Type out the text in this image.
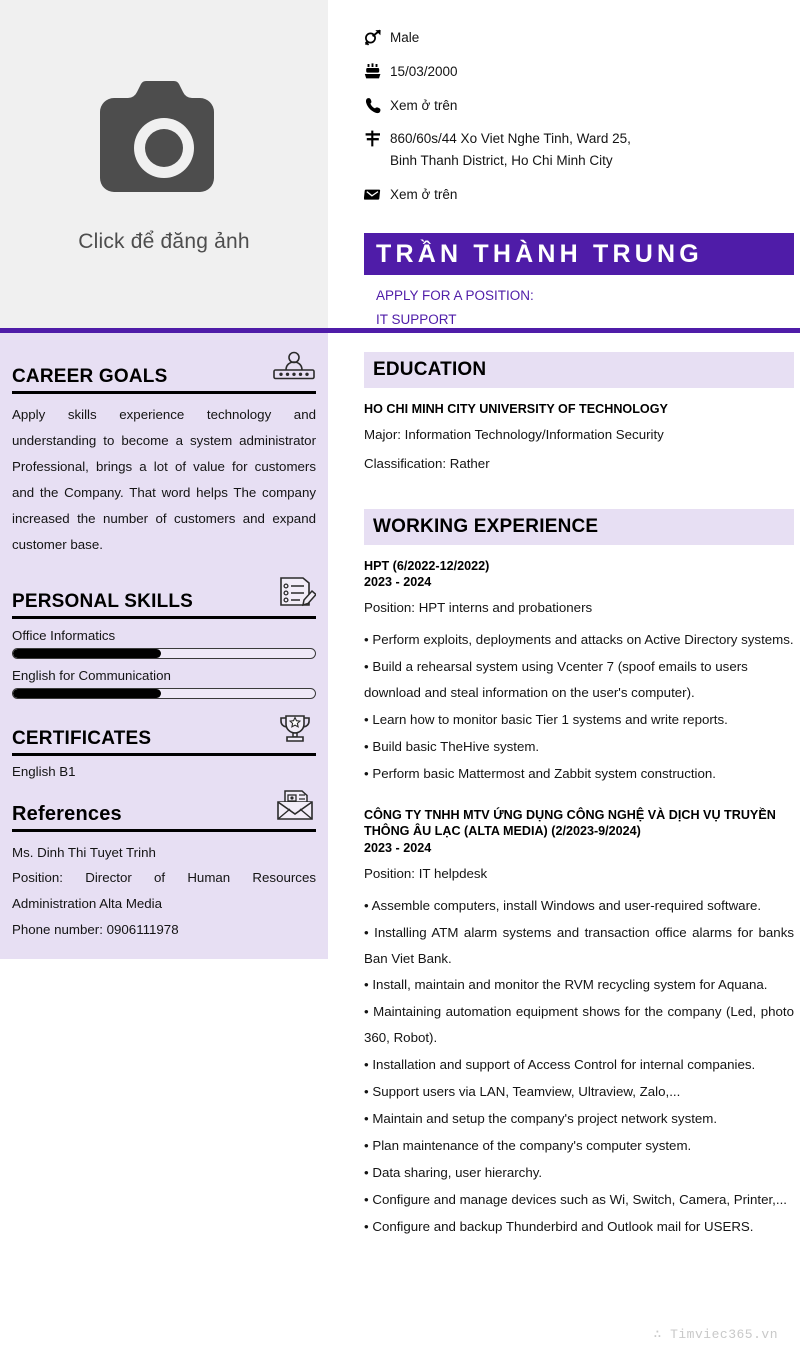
Click để đăng ảnh
Male
15/03/2000
Xem ở trên
860/60s/44 Xo Viet Nghe Tinh, Ward 25,
Binh Thanh District, Ho Chi Minh City
Xem ở trên
TRẦN THÀNH TRUNG
APPLY FOR A POSITION:
IT SUPPORT
CAREER GOALS
Apply skills experience technology and understanding to become a system administrator Professional, brings a lot of value for customers and the Company. That word helps The company increased the number of customers and expand customer base.
PERSONAL SKILLS
Office Informatics
English for Communication
CERTIFICATES
English B1
References
Ms. Dinh Thi Tuyet Trinh
Position: Director of Human Resources Administration Alta Media
Phone number: 0906111978
EDUCATION
HO CHI MINH CITY UNIVERSITY OF TECHNOLOGY
Major: Information Technology/Information Security
Classification: Rather
WORKING EXPERIENCE
HPT (6/2022-12/2022)
2023 - 2024
Position: HPT interns and probationers
• Perform exploits, deployments and attacks on Active Directory systems.
• Build a rehearsal system using Vcenter 7 (spoof emails to users download and steal information on the user's computer).
• Learn how to monitor basic Tier 1 systems and write reports.
• Build basic TheHive system.
• Perform basic Mattermost and Zabbit system construction.
CÔNG TY TNHH MTV ỨNG DỤNG CÔNG NGHỆ VÀ DỊCH VỤ TRUYỀN THÔNG ÂU LẠC (ALTA MEDIA) (2/2023-9/2024)
2023 - 2024
Position: IT helpdesk
• Assemble computers, install Windows and user-required software.
• Installing ATM alarm systems and transaction office alarms for banks Ban Viet Bank.
• Install, maintain and monitor the RVM recycling system for Aquana.
• Maintaining automation equipment shows for the company (Led, photo 360, Robot).
• Installation and support of Access Control for internal companies.
• Support users via LAN, Teamview, Ultraview, Zalo,...
• Maintain and setup the company's project network system.
• Plan maintenance of the company's computer system.
• Data sharing, user hierarchy.
• Configure and manage devices such as Wi, Switch, Camera, Printer,...
• Configure and backup Thunderbird and Outlook mail for USERS.
∴ Timviec365.vn
